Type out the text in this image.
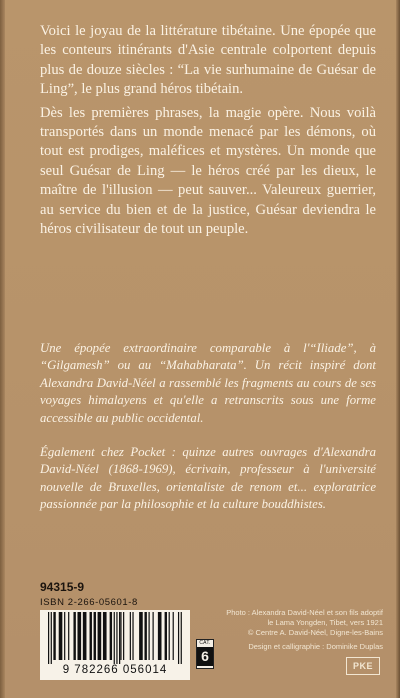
Voici le joyau de la littérature tibétaine. Une épopée que les conteurs itinérants d'Asie centrale colportent depuis plus de douze siècles : “La vie surhumaine de Guésar de Ling”, le plus grand héros tibétain.

Dès les premières phrases, la magie opère. Nous voilà transportés dans un monde menacé par les démons, où tout est prodiges, maléfices et mystères. Un monde que seul Guésar de Ling — le héros créé par les dieux, le maître de l'illusion — peut sauver... Valeureux guerrier, au service du bien et de la justice, Guésar deviendra le héros civilisateur de tout un peuple.

Une épopée extraordinaire comparable à l'“Iliade”, à “Gilgamesh” ou au “Mahabharata”. Un récit inspiré dont Alexandra David-Néel a rassemblé les fragments au cours de ses voyages himalayens et qu'elle a retranscrits sous une forme accessible au public occidental.

Également chez Pocket : quinze autres ouvrages d'Alexandra David-Néel (1868-1969), écrivain, professeur à l'université nouvelle de Bruxelles, orientaliste de renom et... exploratrice passionnée par la philosophie et la culture bouddhistes.

94315-9
ISBN 2-266-05601-8
9 782266 056014
CAT.
6
Photo : Alexandra David-Néel et son fils adoptif
le Lama Yongden, Tibet, vers 1921
© Centre A. David-Néel, Digne-les-Bains
Design et calligraphie : Dominike Duplas
PKE
